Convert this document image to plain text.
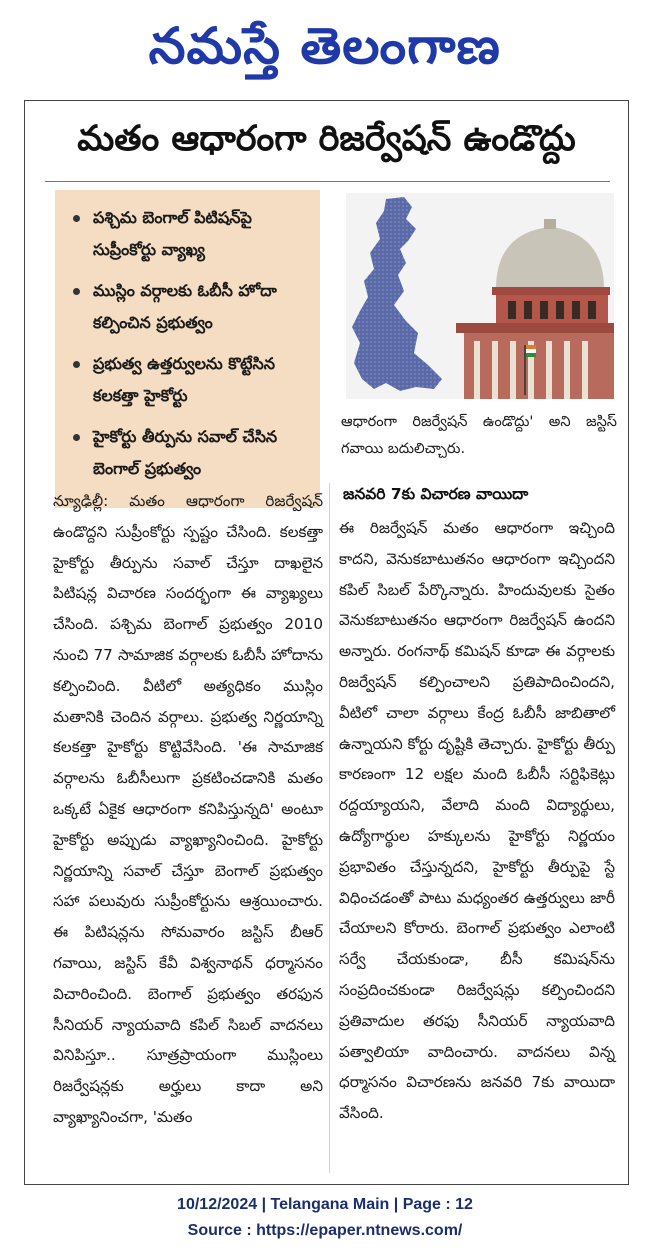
నమస్తే తెలంగాణ
మతం ఆధారంగా రిజర్వేషన్ ఉండొద్దు
పశ్చిమ బెంగాల్ పిటిషన్‌పై సుప్రీంకోర్టు వ్యాఖ్య
ముస్లిం వర్గాలకు ఓబీసీ హోదా కల్పించిన ప్రభుత్వం
ప్రభుత్వ ఉత్తర్వులను కొట్టేసిన కలకత్తా హైకోర్టు
హైకోర్టు తీర్పును సవాల్ చేసిన బెంగాల్ ప్రభుత్వం
ఆధారంగా రిజర్వేషన్ ఉండొద్దు' అని జస్టిస్ గవాయి బదులిచ్చారు.
న్యూఢిల్లీ: మతం ఆధారంగా రిజర్వేషన్ ఉండొద్దని సుప్రీంకోర్టు స్పష్టం చేసింది. కలకత్తా హైకోర్టు తీర్పును సవాల్ చేస్తూ దాఖలైన పిటిషన్ల విచారణ సందర్భంగా ఈ వ్యాఖ్యలు చేసింది. పశ్చిమ బెంగాల్ ప్రభుత్వం 2010 నుంచి 77 సామాజిక వర్గాలకు ఓబీసీ హోదాను కల్పించింది. వీటిలో అత్యధికం ముస్లిం మతానికి చెందిన వర్గాలు. ప్రభుత్వ నిర్ణయాన్ని కలకత్తా హైకోర్టు కొట్టివేసింది. 'ఈ సామాజిక వర్గాలను ఓబీసీలుగా ప్రకటించడానికి మతం ఒక్కటే ఏకైక ఆధారంగా కనిపిస్తున్నది' అంటూ హైకోర్టు అప్పుడు వ్యాఖ్యానించింది. హైకోర్టు నిర్ణయాన్ని సవాల్ చేస్తూ బెంగాల్ ప్రభుత్వం సహా పలువురు సుప్రీంకోర్టును ఆశ్రయించారు. ఈ పిటిషన్లను సోమవారం జస్టిస్ బీఆర్ గవాయి, జస్టిస్ కేవీ విశ్వనాథన్ ధర్మాసనం విచారించింది. బెంగాల్ ప్రభుత్వం తరఫున సీనియర్ న్యాయవాది కపిల్ సిబల్ వాదనలు వినిపిస్తూ.. సూత్రప్రాయంగా ముస్లింలు రిజర్వేషన్లకు అర్హులు కాదా అని వ్యాఖ్యానించగా, 'మతం
జనవరి 7కు విచారణ వాయిదా
ఈ రిజర్వేషన్ మతం ఆధారంగా ఇచ్చింది కాదని, వెనుకబాటుతనం ఆధారంగా ఇచ్చిందని కపిల్ సిబల్ పేర్కొన్నారు. హిందువులకు సైతం వెనుకబాటుతనం ఆధారంగా రిజర్వేషన్ ఉందని అన్నారు. రంగనాథ్ కమిషన్ కూడా ఈ వర్గాలకు రిజర్వేషన్ కల్పించాలని ప్రతిపాదించిందని, వీటిలో చాలా వర్గాలు కేంద్ర ఓబీసీ జాబితాలో ఉన్నాయని కోర్టు దృష్టికి తెచ్చారు. హైకోర్టు తీర్పు కారణంగా 12 లక్షల మంది ఓబీసీ సర్టిఫికెట్లు రద్దయ్యాయని, వేలాది మంది విద్యార్థులు, ఉద్యోగార్థుల హక్కులను హైకోర్టు నిర్ణయం ప్రభావితం చేస్తున్నదని, హైకోర్టు తీర్పుపై స్టే విధించడంతో పాటు మధ్యంతర ఉత్తర్వులు జారీ చేయాలని కోరారు. బెంగాల్ ప్రభుత్వం ఎలాంటి సర్వే చేయకుండా, బీసీ కమిషన్‌ను సంప్రదించకుండా రిజర్వేషన్లు కల్పించిందని ప్రతివాదుల తరఫు సీనియర్ న్యాయవాది పత్వాలియా వాదించారు. వాదనలు విన్న ధర్మాసనం విచారణను జనవరి 7కు వాయిదా వేసింది.
10/12/2024 | Telangana Main | Page : 12
Source : https://epaper.ntnews.com/
